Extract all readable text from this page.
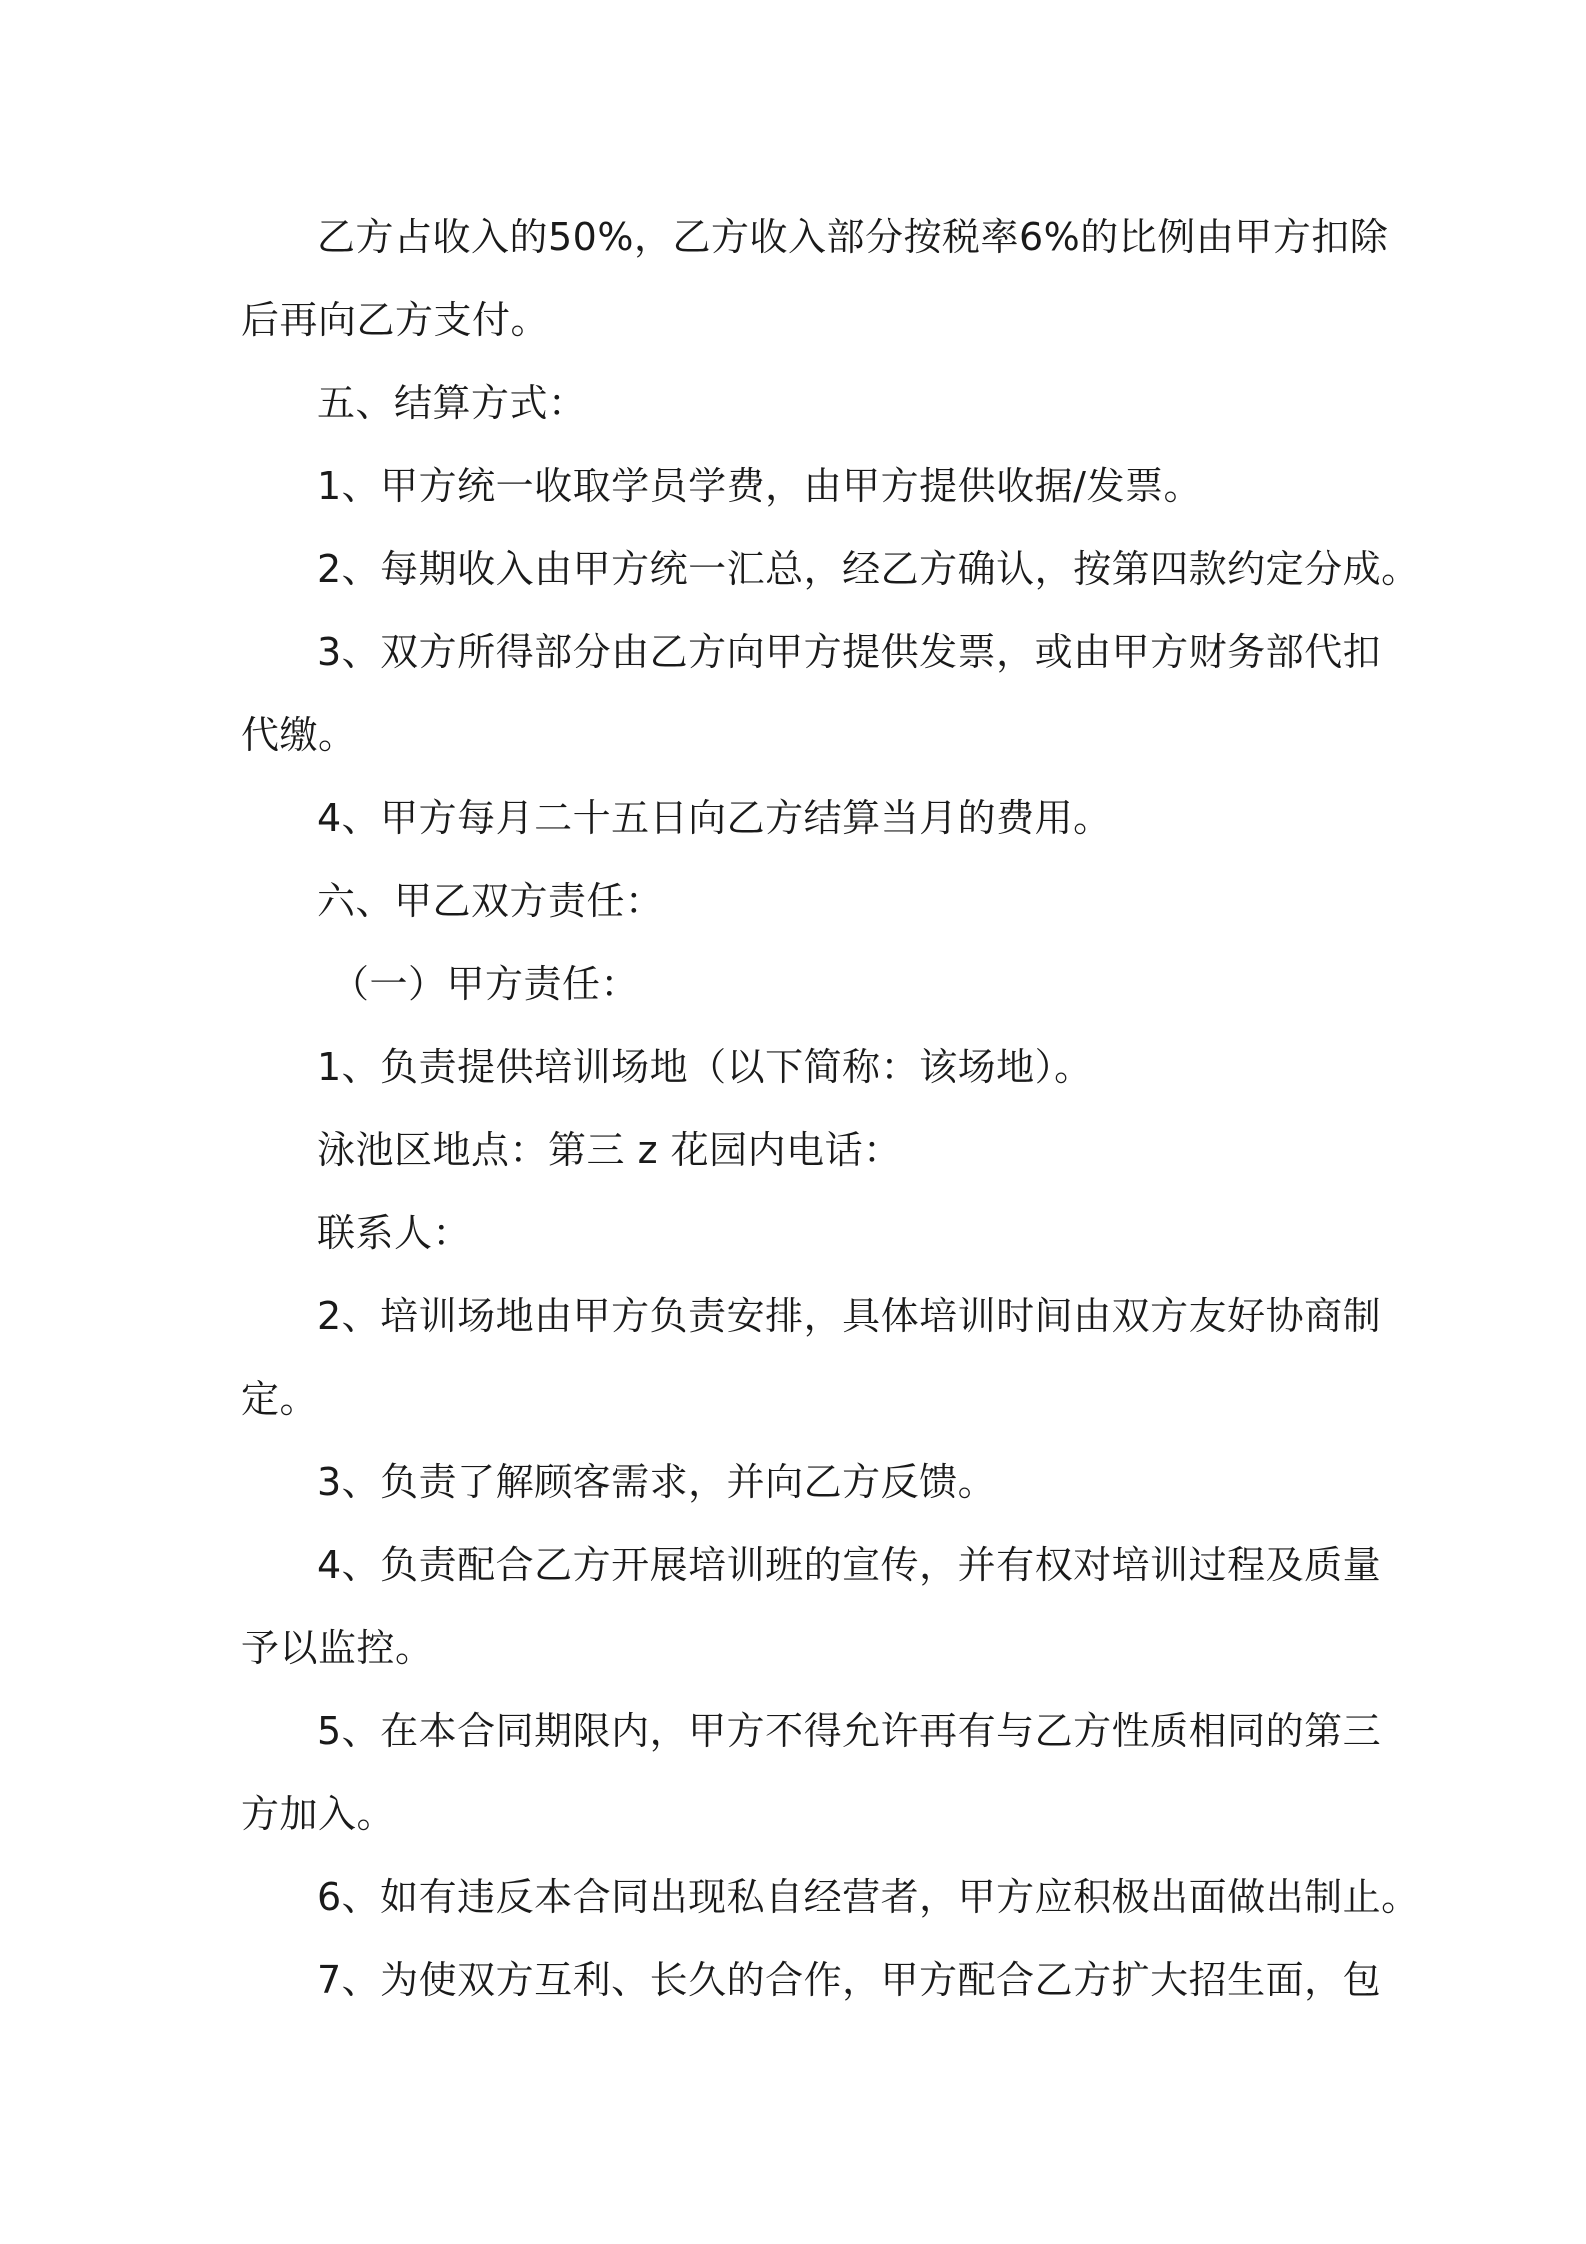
乙方占收入的50%，乙方收入部分按税率6%的比例由甲方扣除
后再向乙方支付。
五、结算方式：
1、甲方统一收取学员学费，由甲方提供收据/发票。
2、每期收入由甲方统一汇总，经乙方确认，按第四款约定分成。
3、双方所得部分由乙方向甲方提供发票，或由甲方财务部代扣
代缴。
4、甲方每月二十五日向乙方结算当月的费用。
六、甲乙双方责任：
（一）甲方责任：
1、负责提供培训场地（以下简称：该场地）。
泳池区地点：第三 z 花园内电话：
联系人：
2、培训场地由甲方负责安排，具体培训时间由双方友好协商制
定。
3、负责了解顾客需求，并向乙方反馈。
4、负责配合乙方开展培训班的宣传，并有权对培训过程及质量
予以监控。
5、在本合同期限内，甲方不得允许再有与乙方性质相同的第三
方加入。
6、如有违反本合同出现私自经营者，甲方应积极出面做出制止。
7、为使双方互利、长久的合作，甲方配合乙方扩大招生面，包
